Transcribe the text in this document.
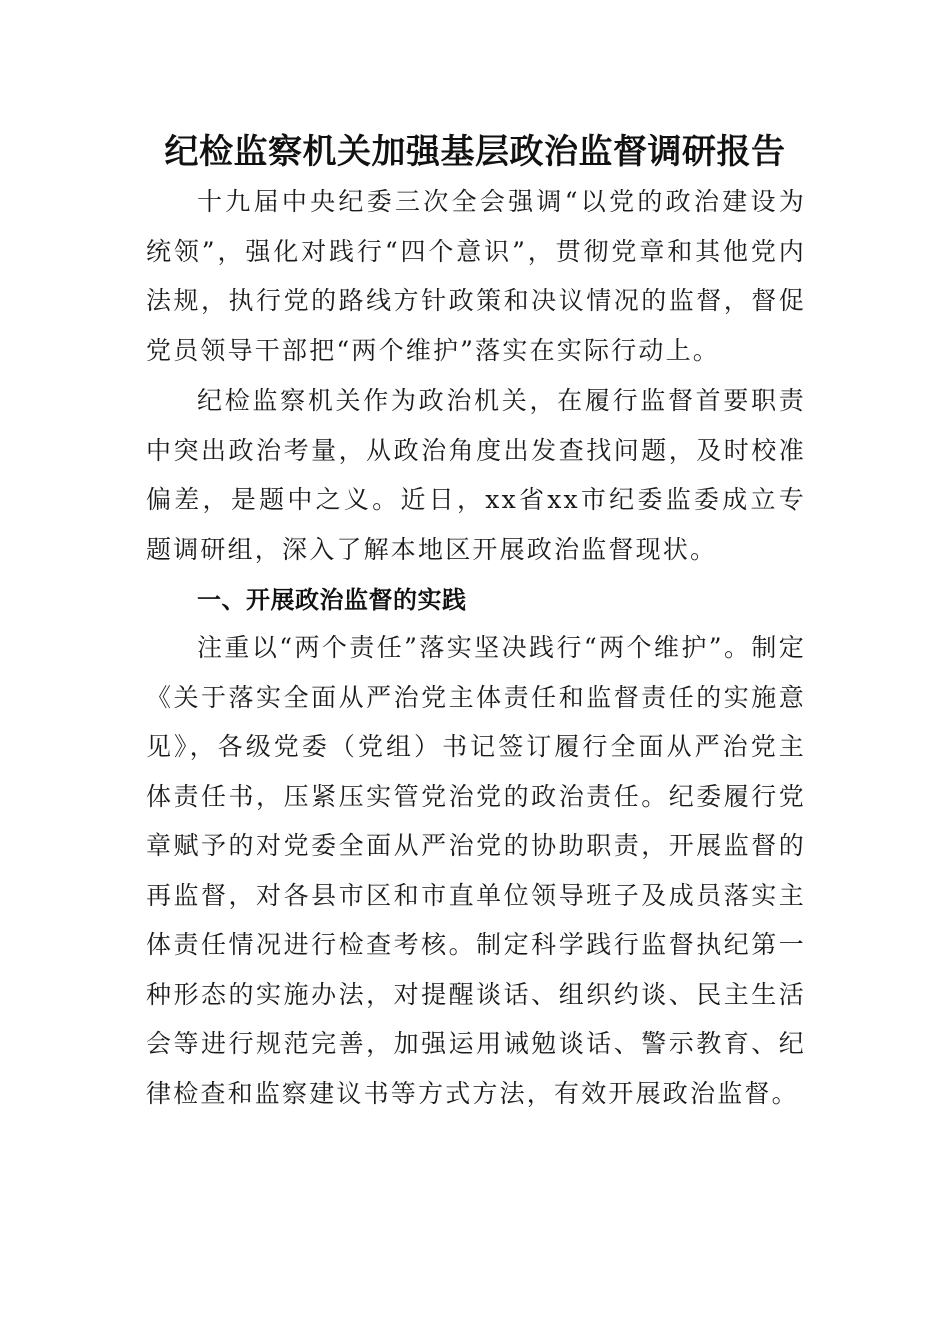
纪检监察机关加强基层政治监督调研报告
十九届中央纪委三次全会强调“以党的政治建设为统领”，强化对践行“四个意识”，贯彻党章和其他党内法规，执行党的路线方针政策和决议情况的监督，督促党员领导干部把“两个维护”落实在实际行动上。
纪检监察机关作为政治机关，在履行监督首要职责中突出政治考量，从政治角度出发查找问题，及时校准偏差，是题中之义。近日，xx省xx市纪委监委成立专题调研组，深入了解本地区开展政治监督现状。
一、开展政治监督的实践
注重以“两个责任”落实坚决践行“两个维护”。制定《关于落实全面从严治党主体责任和监督责任的实施意见》，各级党委（党组）书记签订履行全面从严治党主体责任书，压紧压实管党治党的政治责任。纪委履行党章赋予的对党委全面从严治党的协助职责，开展监督的再监督，对各县市区和市直单位领导班子及成员落实主体责任情况进行检查考核。制定科学践行监督执纪第一种形态的实施办法，对提醒谈话、组织约谈、民主生活会等进行规范完善，加强运用诫勉谈话、警示教育、纪律检查和监察建议书等方式方法，有效开展政治监督。
